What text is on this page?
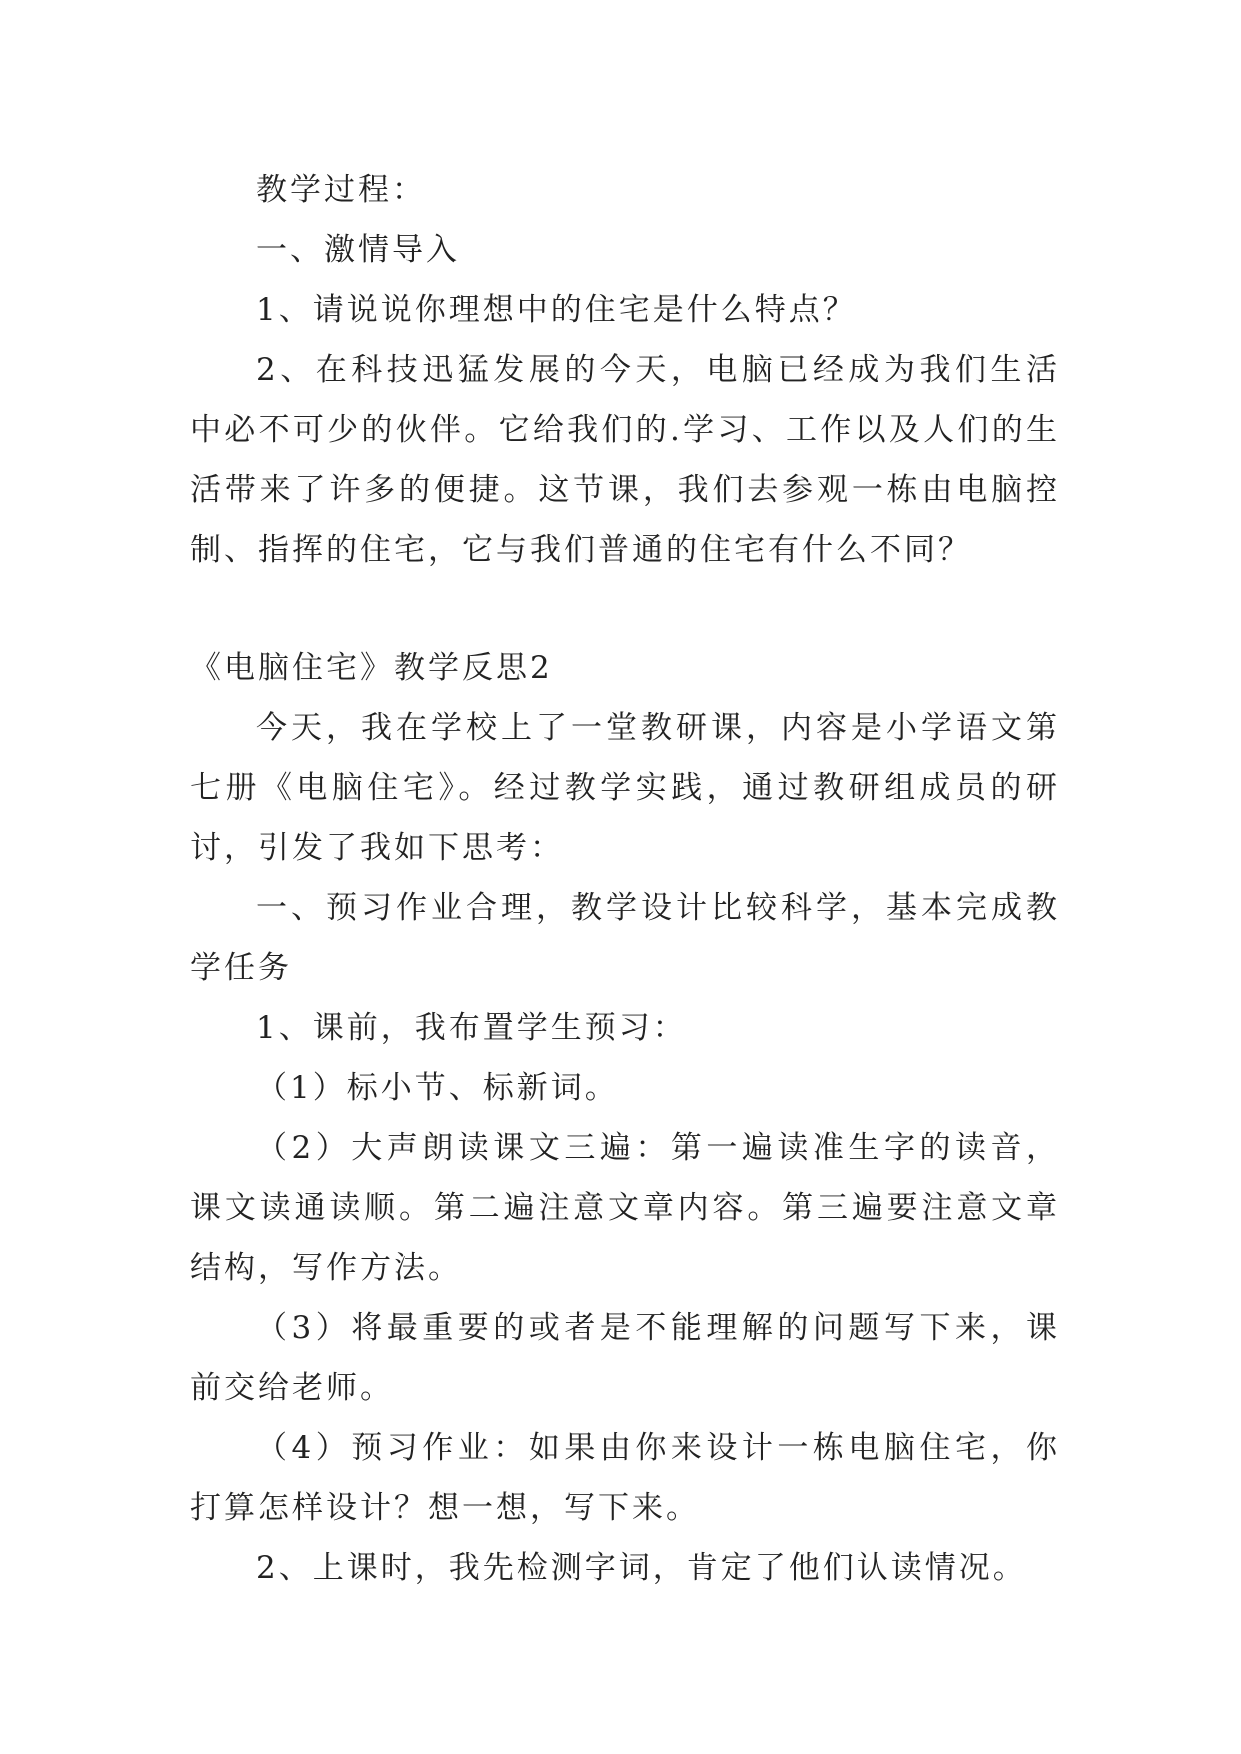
教学过程：

一、激情导入

1、请说说你理想中的住宅是什么特点？

2、在科技迅猛发展的今天，电脑已经成为我们生活中必不可少的伙伴。它给我们的.学习、工作以及人们的生活带来了许多的便捷。这节课，我们去参观一栋由电脑控制、指挥的住宅，它与我们普通的住宅有什么不同？

《电脑住宅》教学反思2

今天，我在学校上了一堂教研课，内容是小学语文第七册《电脑住宅》。经过教学实践，通过教研组成员的研讨，引发了我如下思考：

一、预习作业合理，教学设计比较科学，基本完成教学任务

1、课前，我布置学生预习：

（1）标小节、标新词。

（2）大声朗读课文三遍：第一遍读准生字的读音，课文读通读顺。第二遍注意文章内容。第三遍要注意文章结构，写作方法。

（3）将最重要的或者是不能理解的问题写下来，课前交给老师。

（4）预习作业：如果由你来设计一栋电脑住宅，你打算怎样设计？想一想，写下来。

2、上课时，我先检测字词，肯定了他们认读情况。
